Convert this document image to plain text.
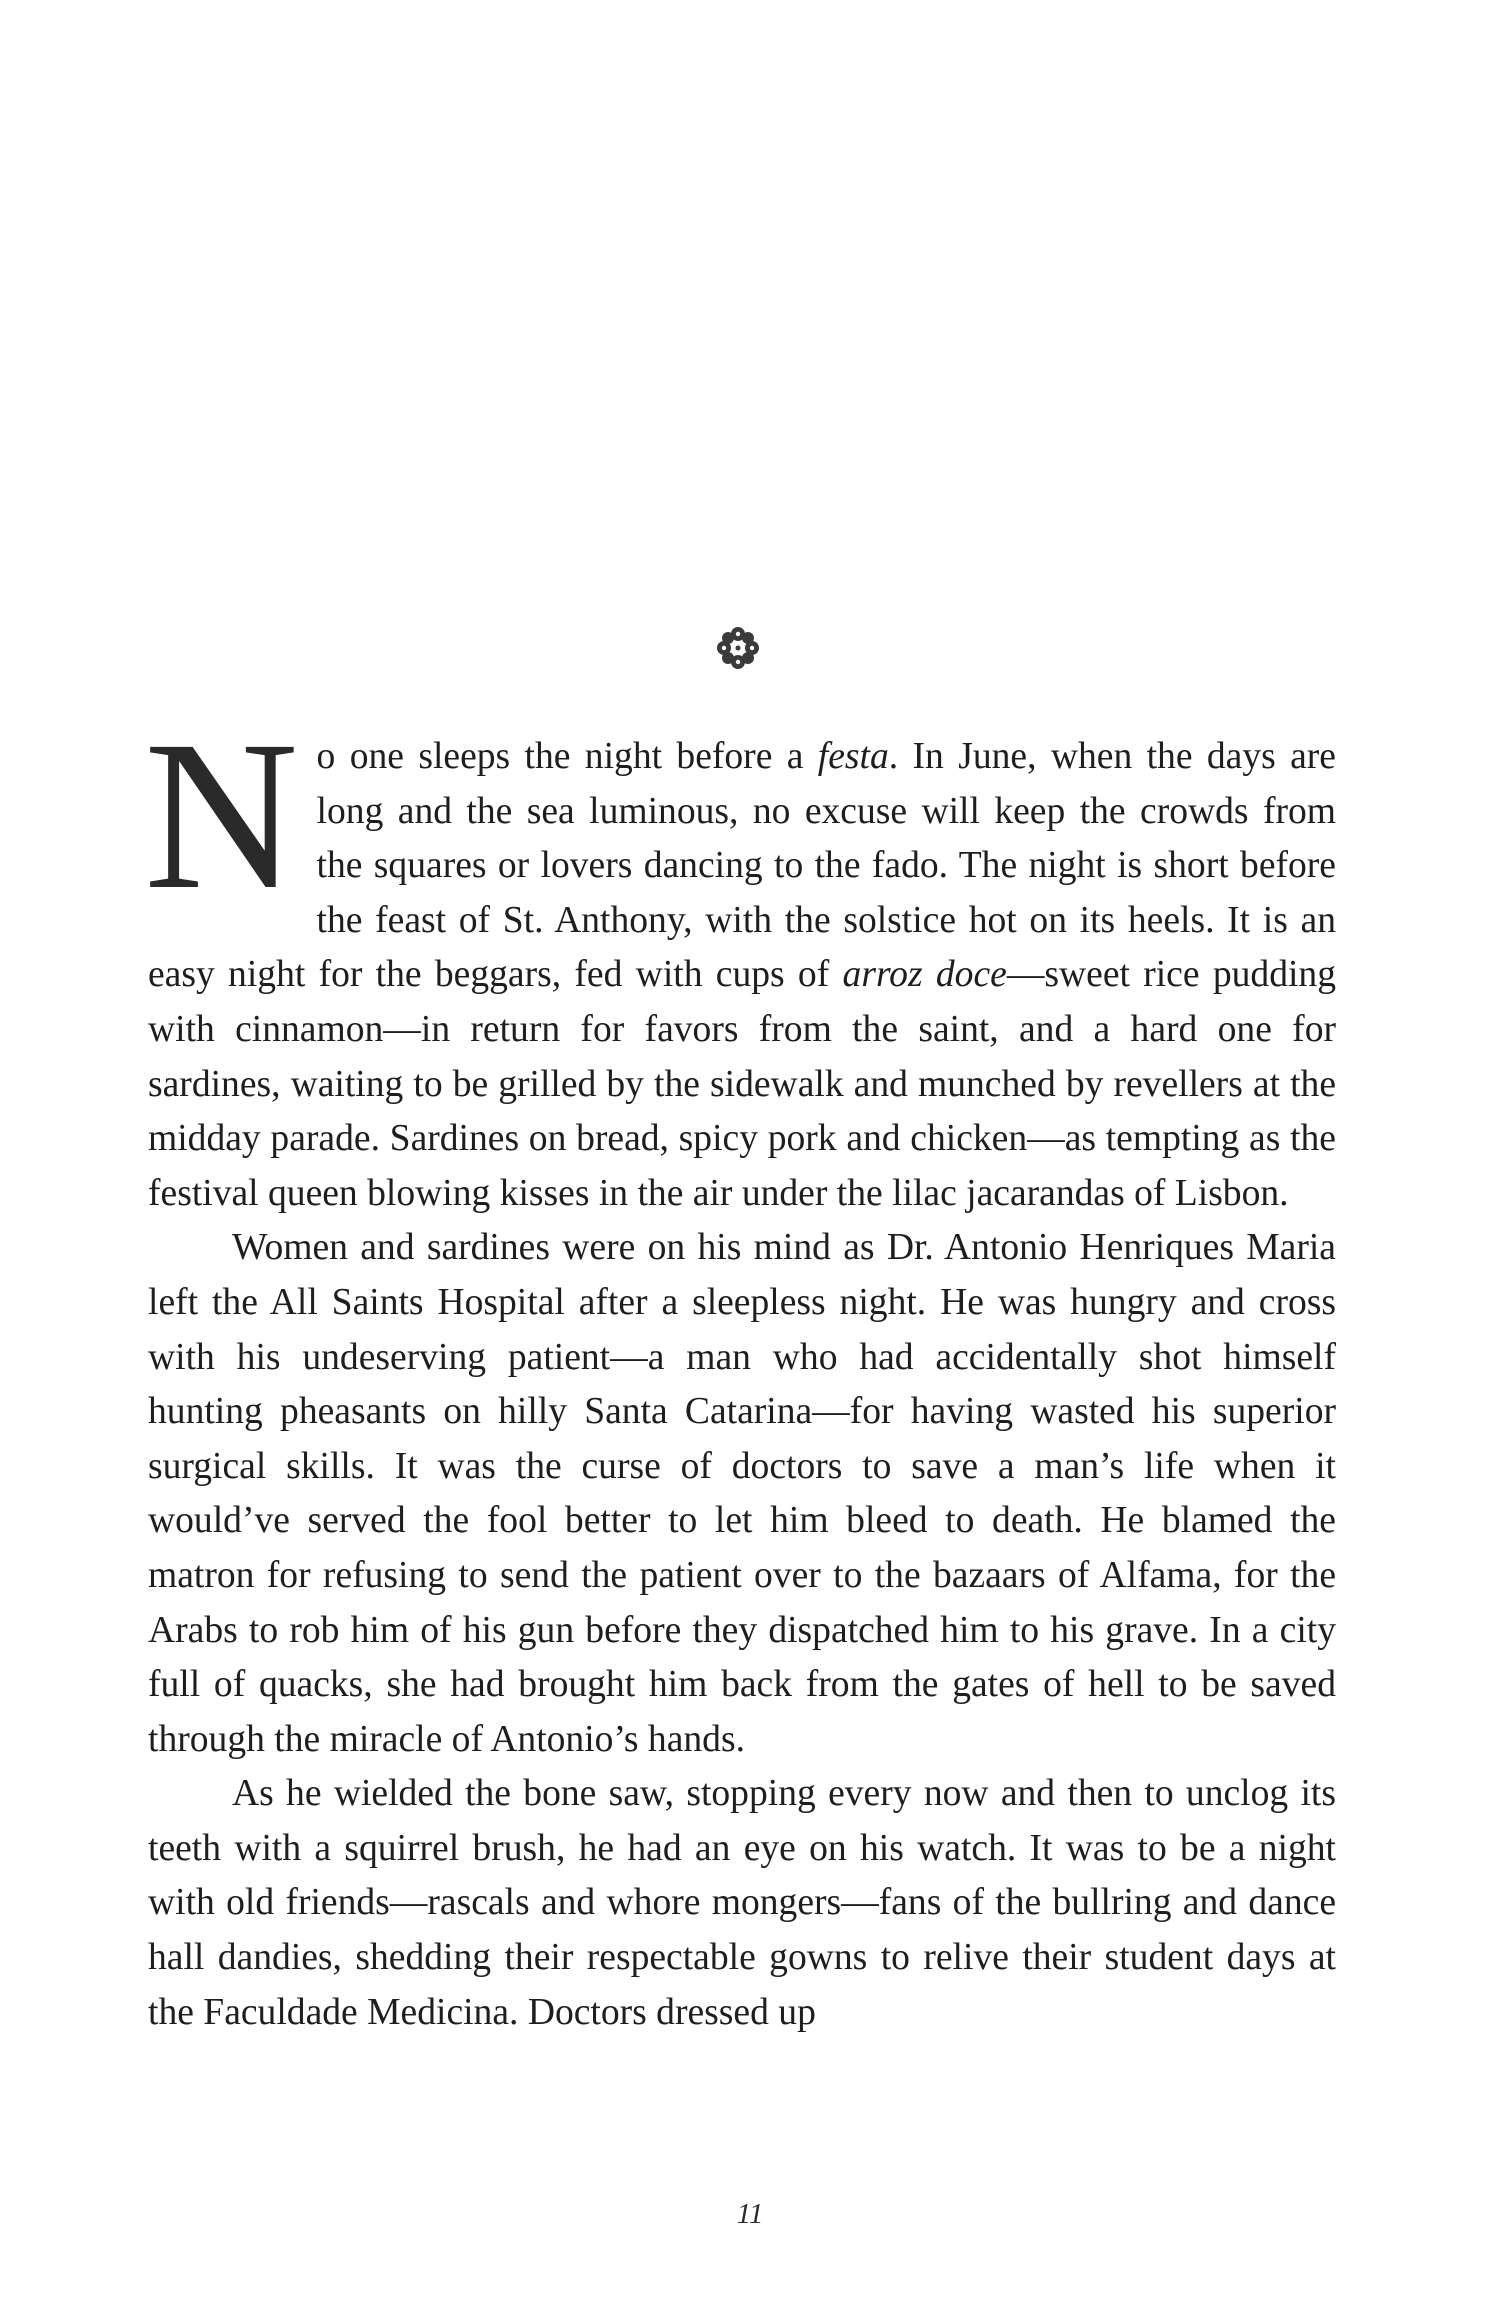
No one sleeps the night before a festa. In June, when the days are long and the sea luminous, no excuse will keep the crowds from the squares or lovers dancing to the fado. The night is short before the feast of St. Anthony, with the solstice hot on its heels. It is an easy night for the beggars, fed with cups of arroz doce—sweet rice pudding with cinnamon—in return for favors from the saint, and a hard one for sardines, waiting to be grilled by the sidewalk and munched by revellers at the midday parade. Sardines on bread, spicy pork and chicken—as tempting as the festival queen blowing kisses in the air under the lilac jacarandas of Lisbon.

Women and sardines were on his mind as Dr. Antonio Henriques Maria left the All Saints Hospital after a sleepless night. He was hungry and cross with his undeserving patient—a man who had accidentally shot himself hunting pheasants on hilly Santa Catarina—for having wasted his superior surgical skills. It was the curse of doctors to save a man’s life when it would’ve served the fool better to let him bleed to death. He blamed the matron for refusing to send the patient over to the bazaars of Alfama, for the Arabs to rob him of his gun before they dispatched him to his grave. In a city full of quacks, she had brought him back from the gates of hell to be saved through the miracle of Antonio’s hands.

As he wielded the bone saw, stopping every now and then to unclog its teeth with a squirrel brush, he had an eye on his watch. It was to be a night with old friends—rascals and whore mongers—fans of the bullring and dance hall dandies, shedding their respectable gowns to relive their student days at the Faculdade Medicina. Doctors dressed up

11
